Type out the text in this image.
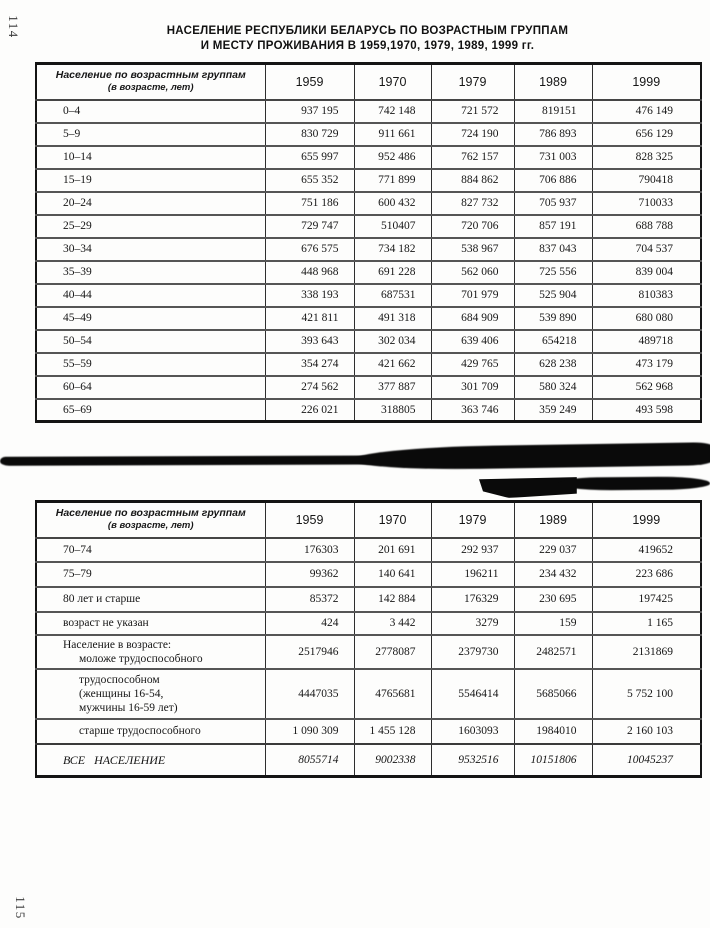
114	НАСЕЛЕНИЕ РЕСПУБЛИКИ БЕЛАРУСЬ ПО ВОЗРАСТНЫМ ГРУППАМ
И МЕСТУ ПРОЖИВАНИЯ В 1959,1970, 1979, 1989, 1999 гг.
Население по возрастным группам
(в возрасте, лет)	1959	1970	1979	1989	1999

0–4	937 195	742 148	721 572	819151	476 149

5–9	830 729	911 661	724 190	786 893	656 129

10–14	655 997	952 486	762 157	731 003	828 325

15–19	655 352	771 899	884 862	706 886	790418

20–24	751 186	600 432	827 732	705 937	710033

25–29	729 747	510407	720 706	857 191	688 788

30–34	676 575	734 182	538 967	837 043	704 537

35–39	448 968	691 228	562 060	725 556	839 004

40–44	338 193	687531	701 979	525 904	810383

45–49	421 811	491 318	684 909	539 890	680 080

50–54	393 643	302 034	639 406	654218	489718

55–59	354 274	421 662	429 765	628 238	473 179

60–64	274 562	377 887	301 709	580 324	562 968

65–69	226 021	318805	363 746	359 249	493 598
Население по возрастным группам
(в возрасте, лет)	1959	1970	1979	1989	1999

70–74	176303	201 691	292 937	229 037	419652

75–79	99362	140 641	196211	234 432	223 686

80 лет и старше	85372	142 884	176329	230 695	197425

возраст не указан	424	3 442	3279	159	1 165

Население в возрасте:
моложе трудоспособного	2517946	2778087	2379730	2482571	2131869

трудоспособном
(женщины 16-54,
мужчины 16-59 лет)	4447035	4765681	5546414	5685066	5 752 100

старше трудоспособного	1 090 309	1 455 128	1603093	1984010	2 160 103

ВСЕ НАСЕЛЕНИЕ	8055714	9002338	9532516	10151806	10045237
115
